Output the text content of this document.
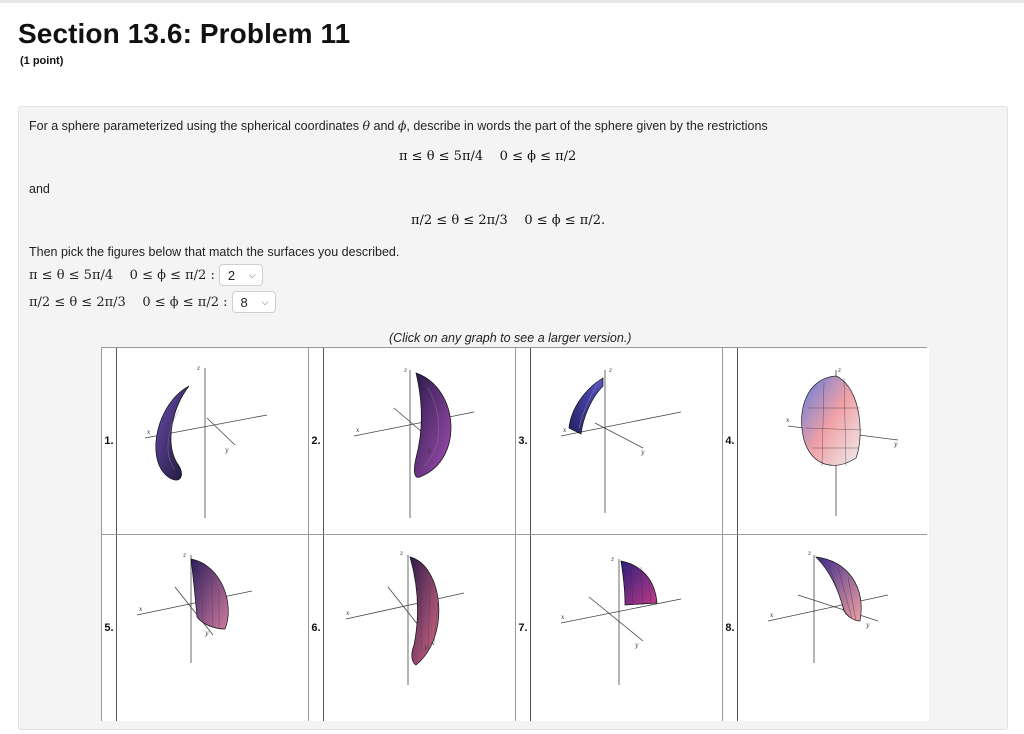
Section 13.6: Problem 11
(1 point)
For a sphere parameterized using the spherical coordinates θ and ϕ, describe in words the part of the sphere given by the restrictions
π ≤ θ ≤ 5π/4    0 ≤ ϕ ≤ π/2
and
π/2 ≤ θ ≤ 2π/3    0 ≤ ϕ ≤ π/2.
Then pick the figures below that match the surfaces you described.
π ≤ θ ≤ 5π/4    0 ≤ ϕ ≤ π/2 : 2 ⌵
π/2 ≤ θ ≤ 2π/3    0 ≤ ϕ ≤ π/2 : 8 ⌵
(Click on any graph to see a larger version.)
1.
z
x
y
2.
z
x
y
3.
z
x
y
4.
z
x
y
5.
z
x
y	6.
z
x
y
7.
z
x
y
8.
z
x
y
